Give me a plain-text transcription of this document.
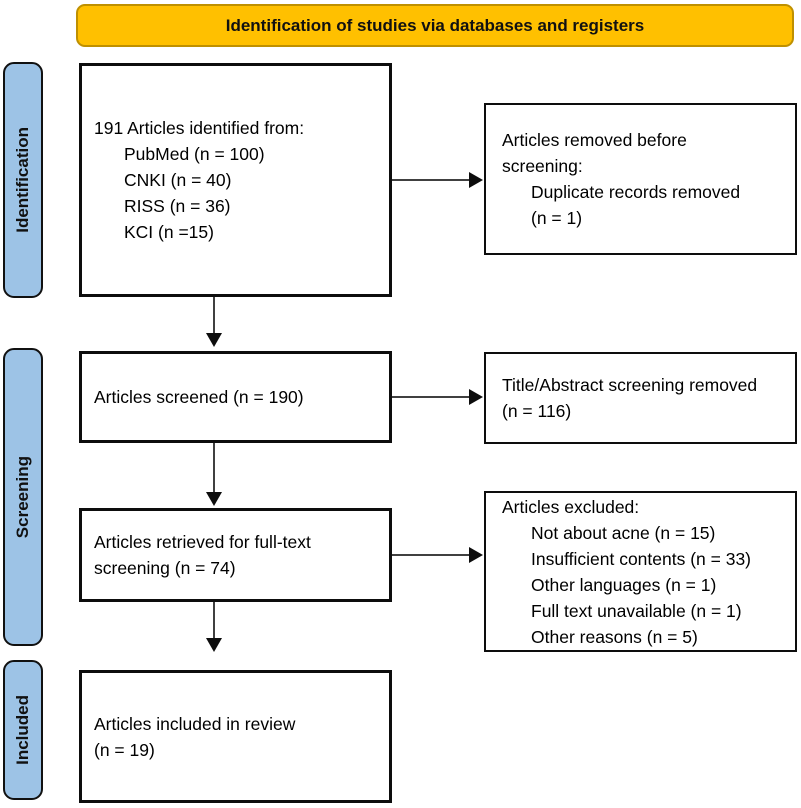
Identification of studies via databases and registers
Identification
Screening
Included
191 Articles identified from:
PubMed (n = 100)
CNKI (n = 40)
RISS (n = 36)
KCI (n =15)
Articles screened (n = 190)
Articles retrieved for full-text
screening (n = 74)
Articles included in review
(n = 19)
Articles removed before
screening:
Duplicate records removed
(n = 1)
Title/Abstract screening removed
(n = 116)
Articles excluded:
Not about acne (n = 15)
Insufficient contents (n = 33)
Other languages (n = 1)
Full text unavailable (n = 1)
Other reasons (n = 5)
